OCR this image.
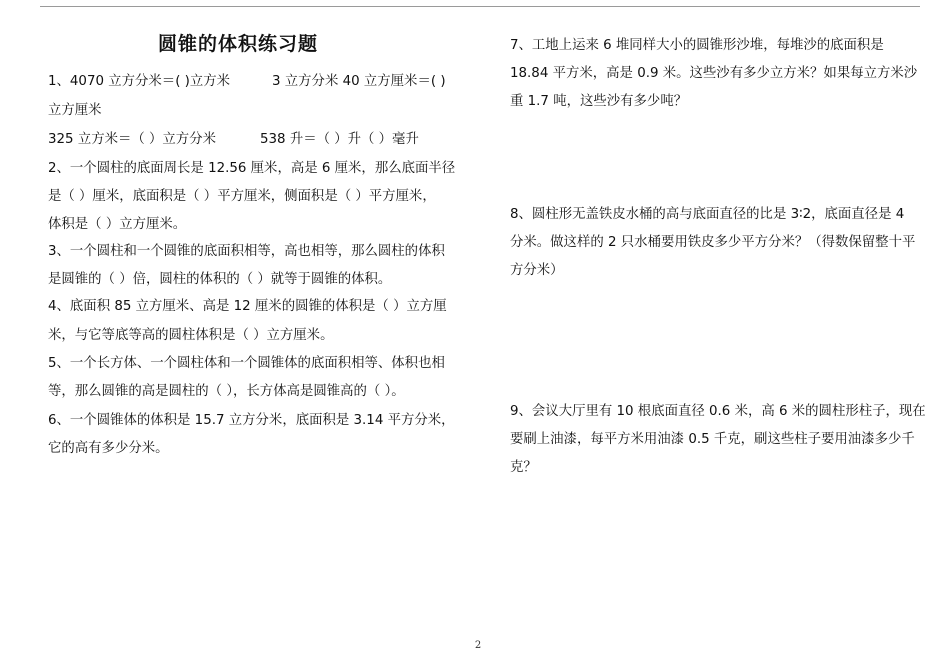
圆锥的体积练习题
1、4070 立方分米＝( )立方米	3 立方分米 40 立方厘米＝( )
立方厘米
325 立方米＝（ ）立方分米	538 升＝（ ）升（ ）毫升
2、一个圆柱的底面周长是 12.56 厘米，高是 6 厘米，那么底面半径
是（ ）厘米，底面积是（ ）平方厘米，侧面积是（ ）平方厘米，
体积是（ ）立方厘米。
3、一个圆柱和一个圆锥的底面积相等，高也相等，那么圆柱的体积
是圆锥的（ ）倍，圆柱的体积的（ ）就等于圆锥的体积。
4、底面积 85 立方厘米、高是 12 厘米的圆锥的体积是（ ）立方厘
米，与它等底等高的圆柱体积是（ ）立方厘米。
5、一个长方体、一个圆柱体和一个圆锥体的底面积相等、体积也相
等，那么圆锥的高是圆柱的（ ），长方体高是圆锥高的（ ）。
6、一个圆锥体的体积是 15.7 立方分米，底面积是 3.14 平方分米，
它的高有多少分米。
7、工地上运来 6 堆同样大小的圆锥形沙堆，每堆沙的底面积是
18.84 平方米，高是 0.9 米。这些沙有多少立方米？如果每立方米沙
重 1.7 吨，这些沙有多少吨？
8、圆柱形无盖铁皮水桶的高与底面直径的比是 3∶2，底面直径是 4
分米。做这样的 2 只水桶要用铁皮多少平方分米？（得数保留整十平
方分米）
9、会议大厅里有 10 根底面直径 0.6 米，高 6 米的圆柱形柱子，现在
要刷上油漆，每平方米用油漆 0.5 千克，刷这些柱子要用油漆多少千
克？
2
